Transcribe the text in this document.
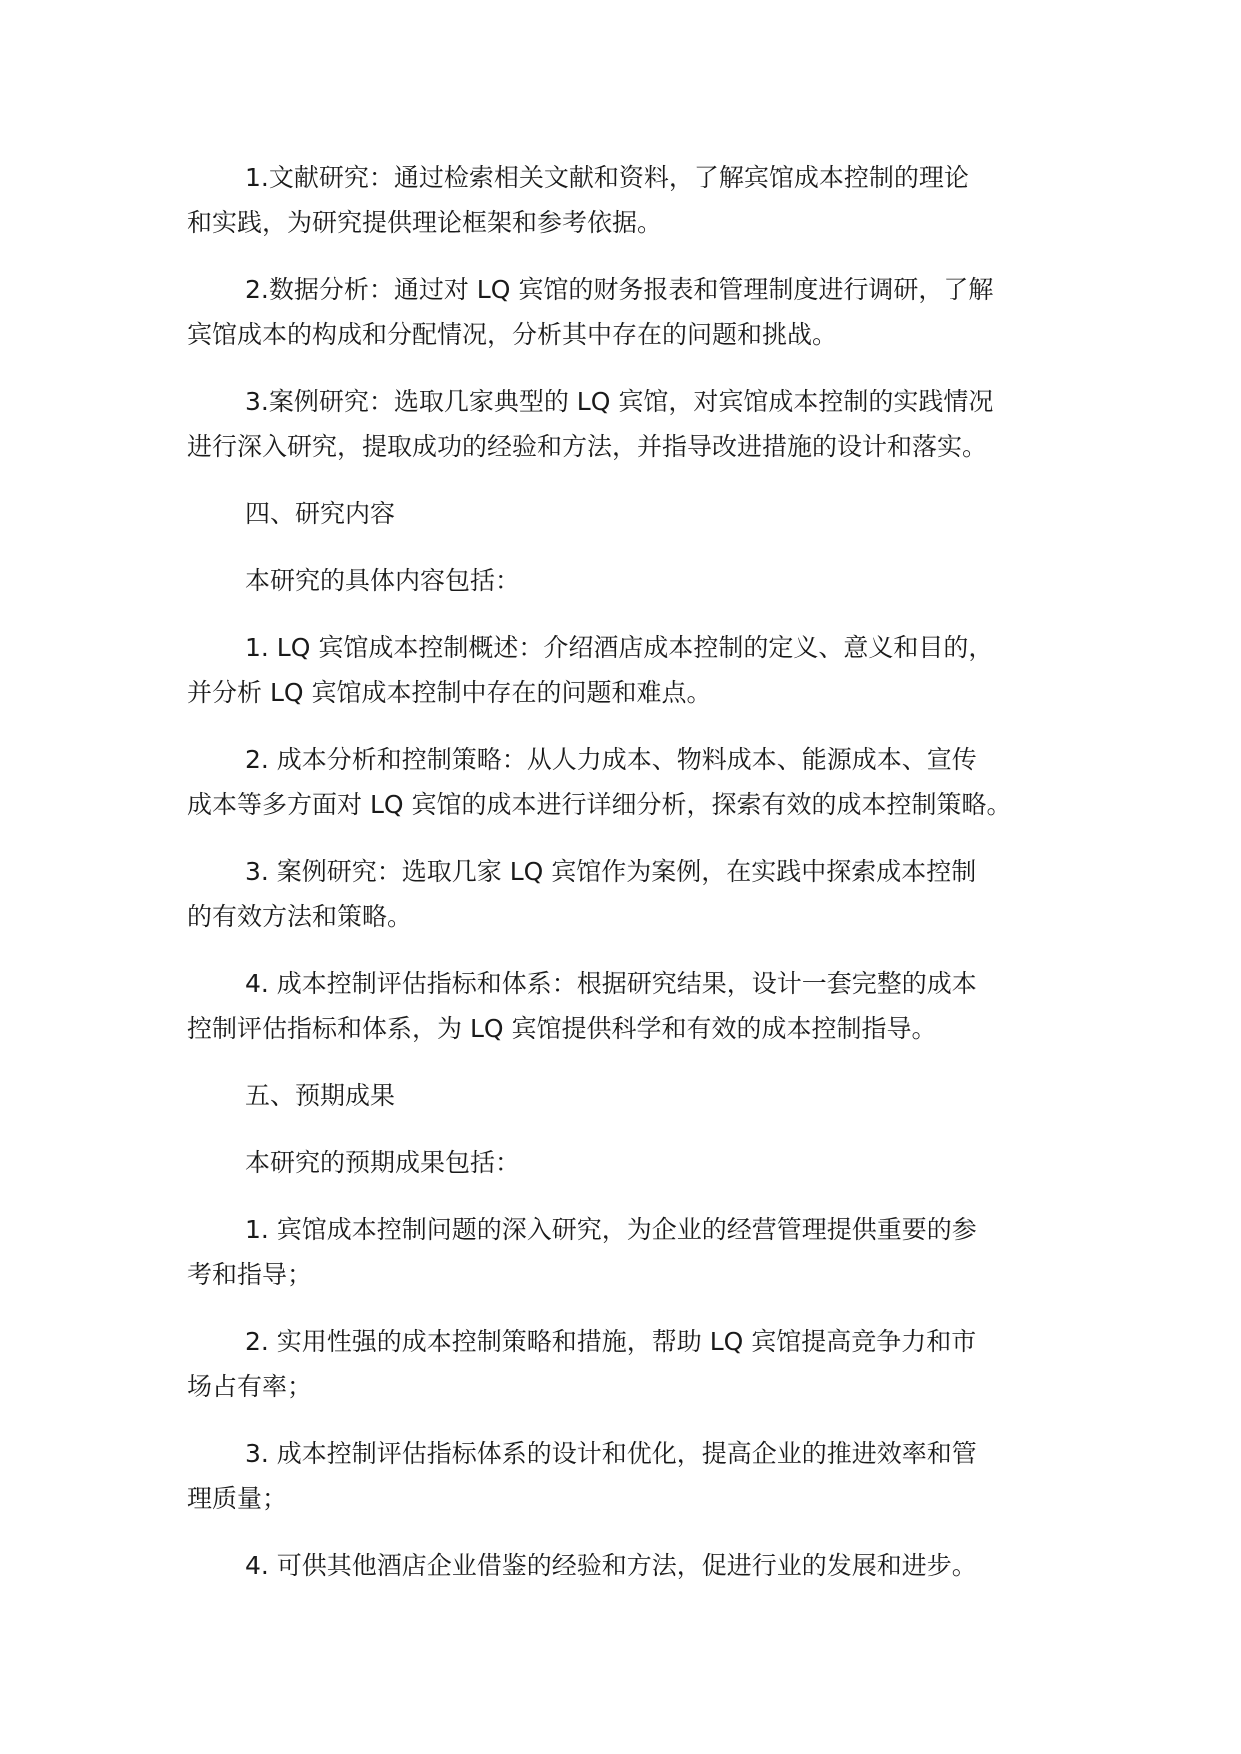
1.文献研究：通过检索相关文献和资料，了解宾馆成本控制的理论
和实践，为研究提供理论框架和参考依据。

2.数据分析：通过对 LQ 宾馆的财务报表和管理制度进行调研，了解
宾馆成本的构成和分配情况，分析其中存在的问题和挑战。

3.案例研究：选取几家典型的 LQ 宾馆，对宾馆成本控制的实践情况
进行深入研究，提取成功的经验和方法，并指导改进措施的设计和落实。

四、研究内容

本研究的具体内容包括：

1. LQ 宾馆成本控制概述：介绍酒店成本控制的定义、意义和目的，
并分析 LQ 宾馆成本控制中存在的问题和难点。

2. 成本分析和控制策略：从人力成本、物料成本、能源成本、宣传
成本等多方面对 LQ 宾馆的成本进行详细分析，探索有效的成本控制策略。

3. 案例研究：选取几家 LQ 宾馆作为案例，在实践中探索成本控制
的有效方法和策略。

4. 成本控制评估指标和体系：根据研究结果，设计一套完整的成本
控制评估指标和体系，为 LQ 宾馆提供科学和有效的成本控制指导。

五、预期成果

本研究的预期成果包括：

1. 宾馆成本控制问题的深入研究，为企业的经营管理提供重要的参
考和指导；

2. 实用性强的成本控制策略和措施，帮助 LQ 宾馆提高竞争力和市
场占有率；

3. 成本控制评估指标体系的设计和优化，提高企业的推进效率和管
理质量；

4. 可供其他酒店企业借鉴的经验和方法，促进行业的发展和进步。
